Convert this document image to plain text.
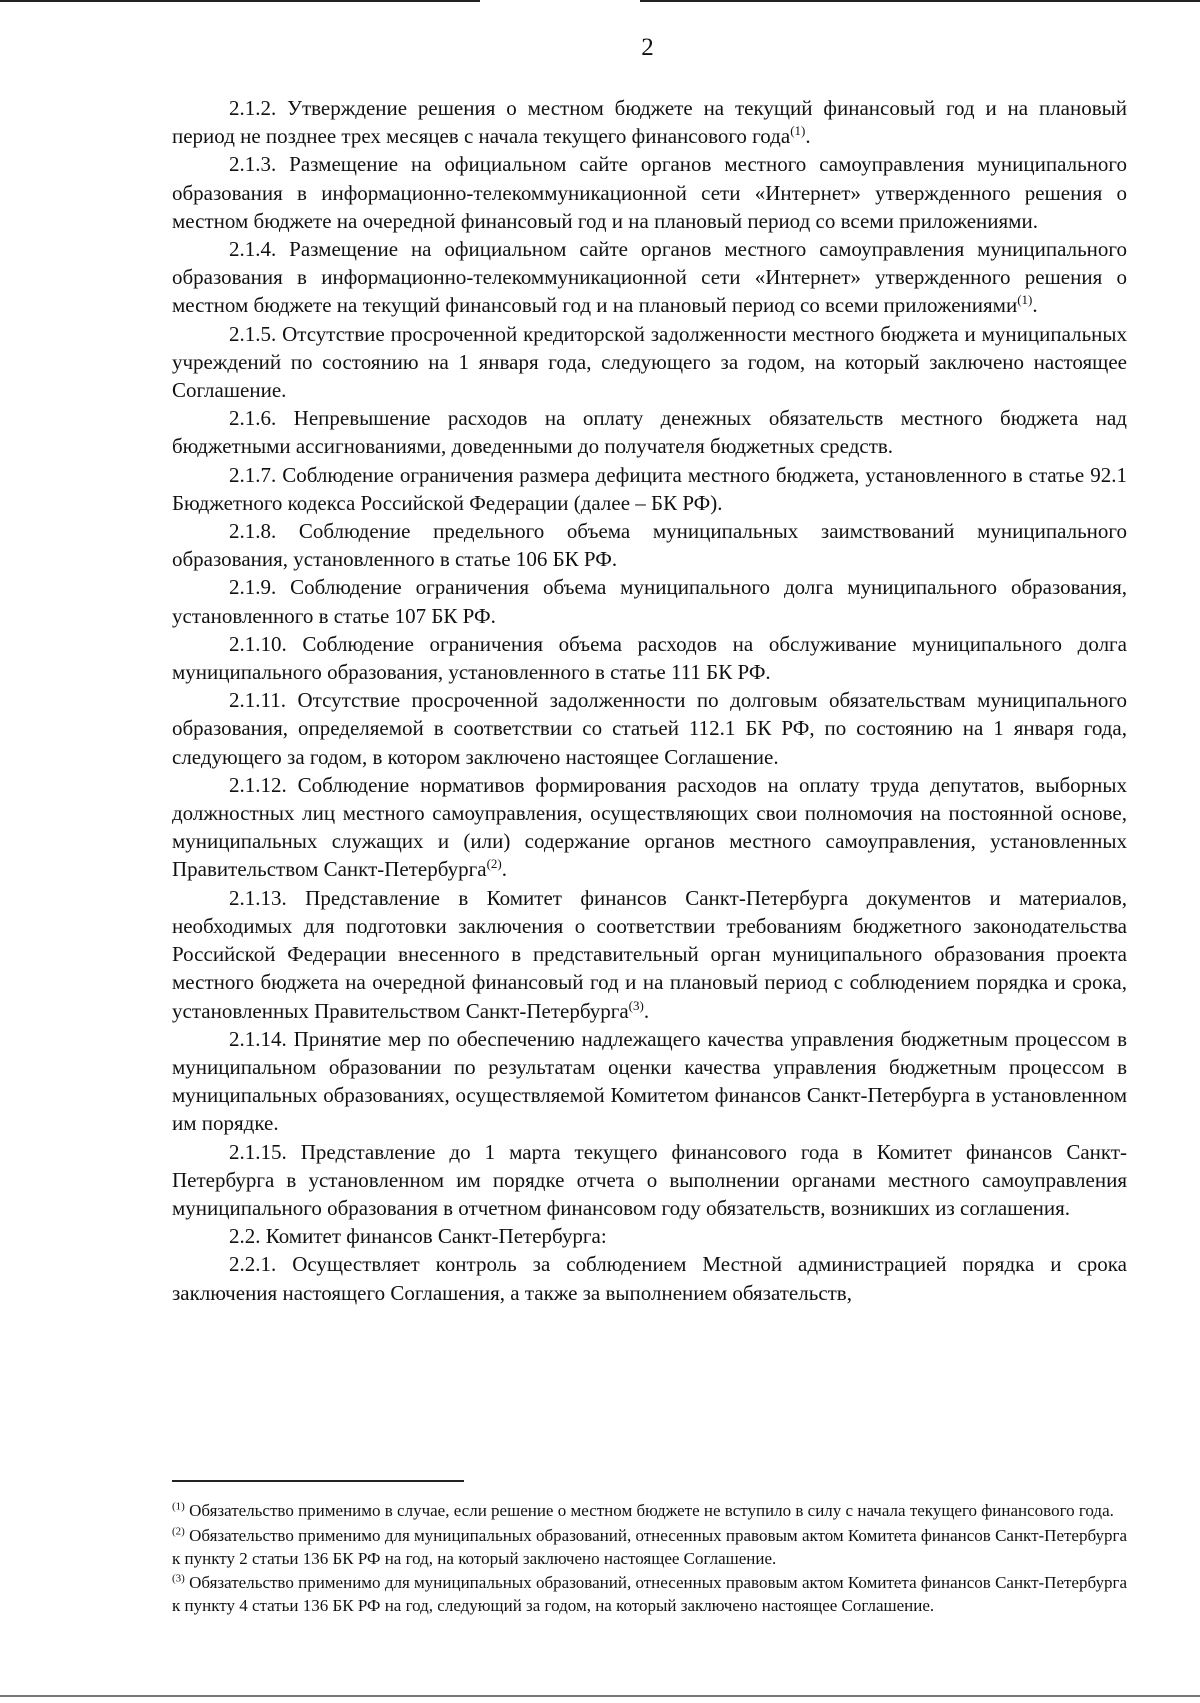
2

2.1.2. Утверждение решения о местном бюджете на текущий финансовый год и на плановый период не позднее трех месяцев с начала текущего финансового года$^{(1)}$.

2.1.3. Размещение на официальном сайте органов местного самоуправления муниципального образования в информационно-телекоммуникационной сети «Интернет» утвержденного решения о местном бюджете на очередной финансовый год и на плановый период со всеми приложениями.

2.1.4. Размещение на официальном сайте органов местного самоуправления муниципального образования в информационно-телекоммуникационной сети «Интернет» утвержденного решения о местном бюджете на текущий финансовый год и на плановый период со всеми приложениями$^{(1)}$.

2.1.5. Отсутствие просроченной кредиторской задолженности местного бюджета и муниципальных учреждений по состоянию на 1 января года, следующего за годом, на который заключено настоящее Соглашение.

2.1.6. Непревышение расходов на оплату денежных обязательств местного бюджета над бюджетными ассигнованиями, доведенными до получателя бюджетных средств.

2.1.7. Соблюдение ограничения размера дефицита местного бюджета, установленного в статье 92.1 Бюджетного кодекса Российской Федерации (далее – БК РФ).

2.1.8. Соблюдение предельного объема муниципальных заимствований муниципального образования, установленного в статье 106 БК РФ.

2.1.9. Соблюдение ограничения объема муниципального долга муниципального образования, установленного в статье 107 БК РФ.

2.1.10. Соблюдение ограничения объема расходов на обслуживание муниципального долга муниципального образования, установленного в статье 111 БК РФ.

2.1.11. Отсутствие просроченной задолженности по долговым обязательствам муниципального образования, определяемой в соответствии со статьей 112.1 БК РФ, по состоянию на 1 января года, следующего за годом, в котором заключено настоящее Соглашение.

2.1.12. Соблюдение нормативов формирования расходов на оплату труда депутатов, выборных должностных лиц местного самоуправления, осуществляющих свои полномочия на постоянной основе, муниципальных служащих и (или) содержание органов местного самоуправления, установленных Правительством Санкт-Петербурга$^{(2)}$.

2.1.13. Представление в Комитет финансов Санкт-Петербурга документов и материалов, необходимых для подготовки заключения о соответствии требованиям бюджетного законодательства Российской Федерации внесенного в представительный орган муниципального образования проекта местного бюджета на очередной финансовый год и на плановый период с соблюдением порядка и срока, установленных Правительством Санкт-Петербурга$^{(3)}$.

2.1.14. Принятие мер по обеспечению надлежащего качества управления бюджетным процессом в муниципальном образовании по результатам оценки качества управления бюджетным процессом в муниципальных образованиях, осуществляемой Комитетом финансов Санкт-Петербурга в установленном им порядке.

2.1.15. Представление до 1 марта текущего финансового года в Комитет финансов Санкт-Петербурга в установленном им порядке отчета о выполнении органами местного самоуправления муниципального образования в отчетном финансовом году обязательств, возникших из соглашения.

2.2. Комитет финансов Санкт-Петербурга:

2.2.1. Осуществляет контроль за соблюдением Местной администрацией порядка и срока заключения настоящего Соглашения, а также за выполнением обязательств,

$^{(1)}$ Обязательство применимо в случае, если решение о местном бюджете не вступило в силу с начала текущего финансового года.

$^{(2)}$ Обязательство применимо для муниципальных образований, отнесенных правовым актом Комитета финансов Санкт-Петербурга к пункту 2 статьи 136 БК РФ на год, на который заключено настоящее Соглашение.

$^{(3)}$ Обязательство применимо для муниципальных образований, отнесенных правовым актом Комитета финансов Санкт-Петербурга к пункту 4 статьи 136 БК РФ на год, следующий за годом, на который заключено настоящее Соглашение.
